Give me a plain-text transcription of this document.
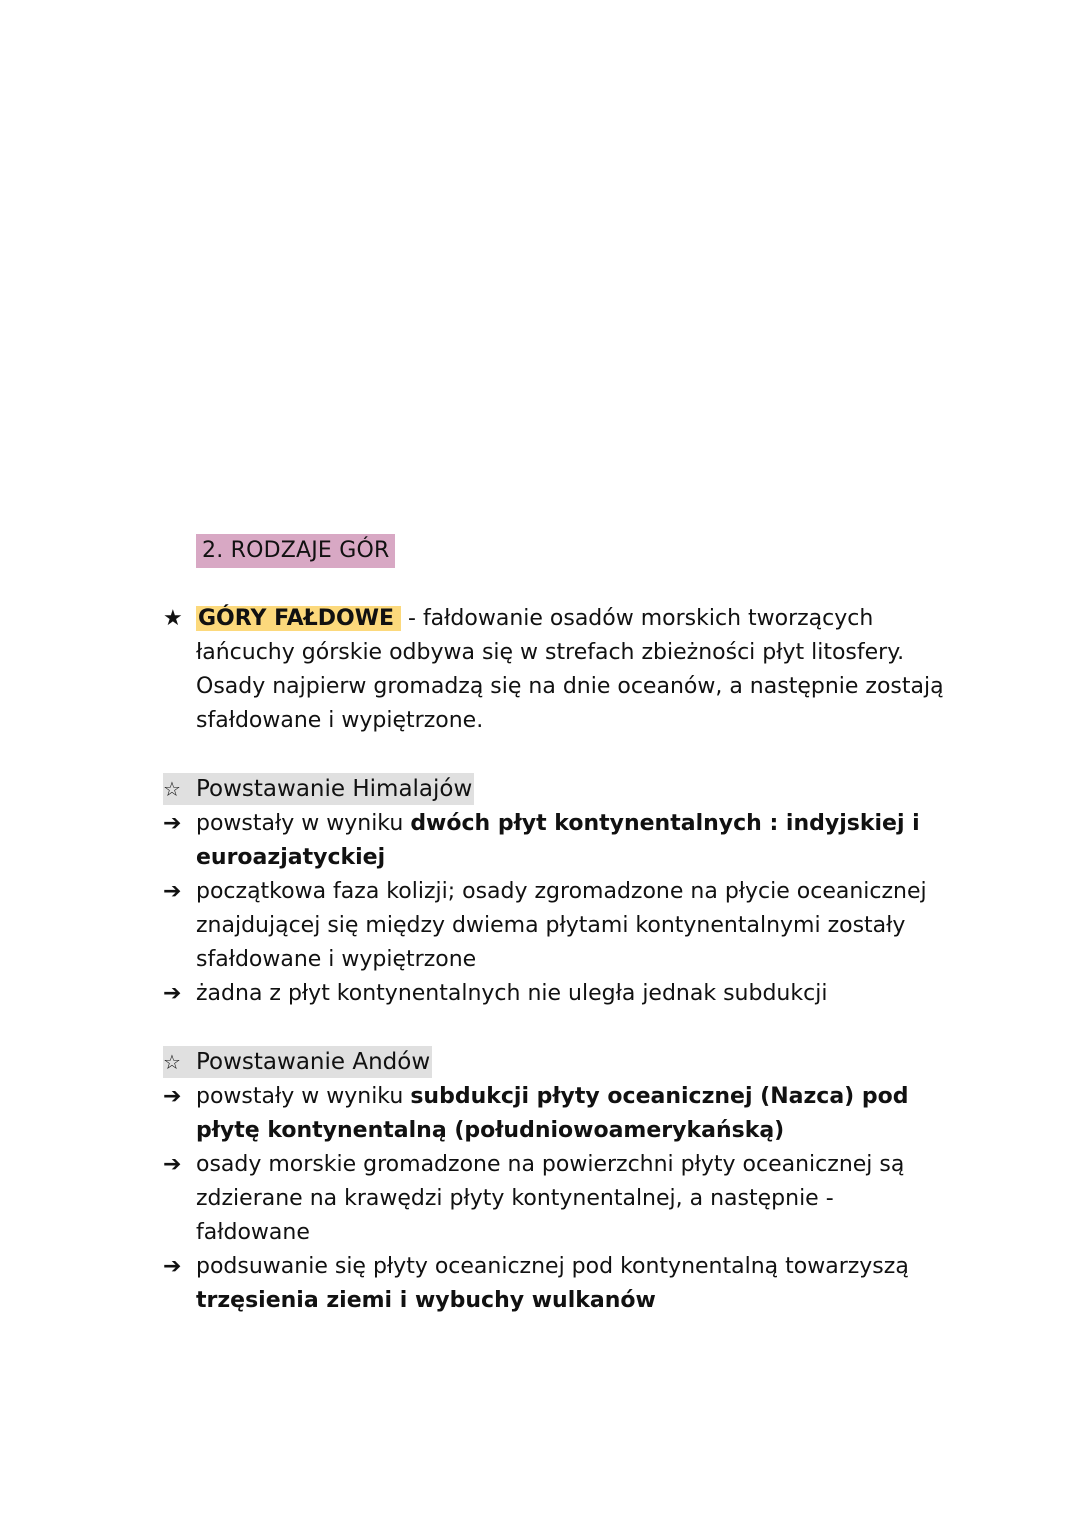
2. RODZAJE GÓR
★ GÓRY FAŁDOWE - fałdowanie osadów morskich tworzących łańcuchy górskie odbywa się w strefach zbieżności płyt litosfery. Osady najpierw gromadzą się na dnie oceanów, a następnie zostają sfałdowane i wypiętrzone.
☆ Powstawanie Himalajów
➔ powstały w wyniku dwóch płyt kontynentalnych : indyjskiej i euroazjatyckiej
➔ początkowa faza kolizji; osady zgromadzone na płycie oceanicznej znajdującej się między dwiema płytami kontynentalnymi zostały sfałdowane i wypiętrzone
➔ żadna z płyt kontynentalnych nie uległa jednak subdukcji
☆ Powstawanie Andów
➔ powstały w wyniku subdukcji płyty oceanicznej (Nazca) pod płytę kontynentalną (południowoamerykańską)
➔ osady morskie gromadzone na powierzchni płyty oceanicznej są zdzierane na krawędzi płyty kontynentalnej, a następnie - fałdowane
➔ podsuwanie się płyty oceanicznej pod kontynentalną towarzyszą trzęsienia ziemi i wybuchy wulkanów
